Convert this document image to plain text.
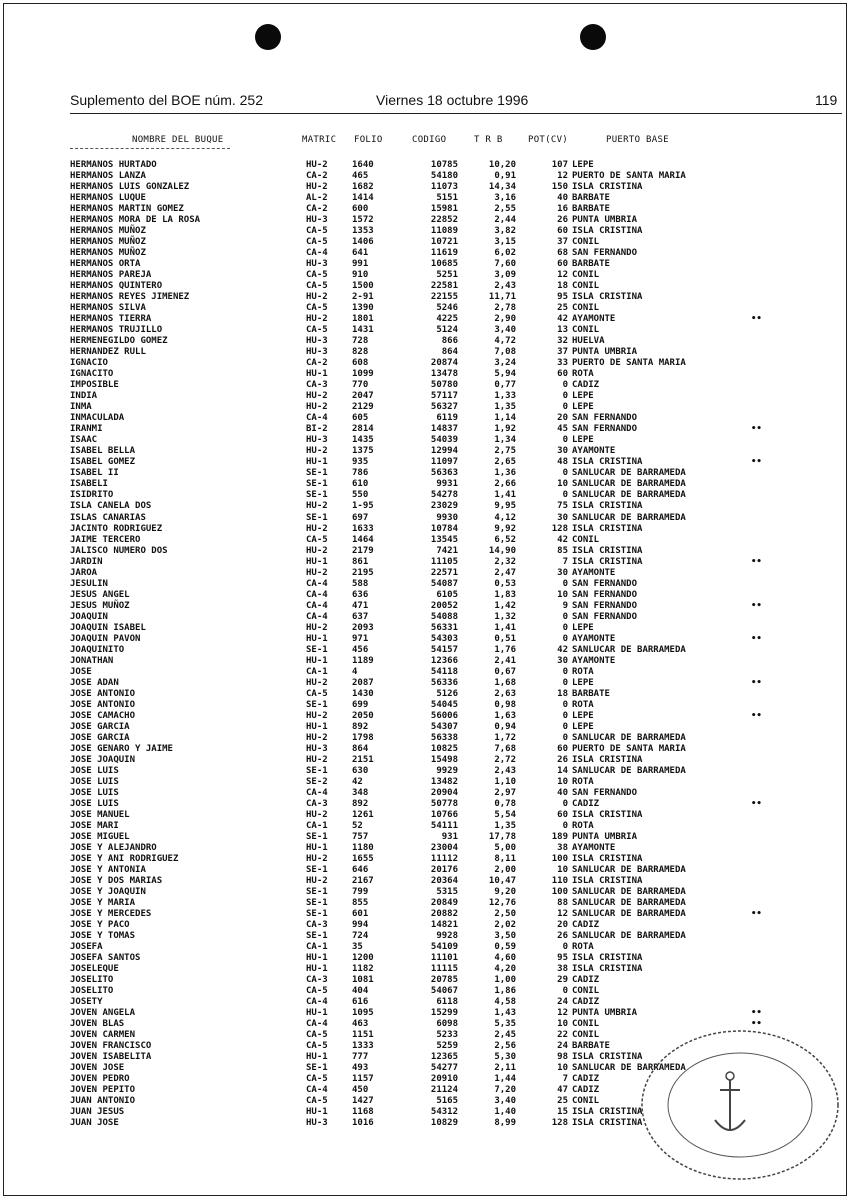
Suplemento del BOE núm. 252	Viernes 18 octubre 1996	119
NOMBRE DEL BUQUE	MATRIC FOLIO	CODIGO	T R B	POT(CV)	PUERTO BASE
HERMANOS HURTADO	HU-2	1640	10785	10,20	107 LEPE
HERMANOS LANZA	CA-2	465	54180	0,91	12 PUERTO DE SANTA MARIA
HERMANOS LUIS GONZALEZ	HU-2	1682	11073	14,34	150 ISLA CRISTINA
HERMANOS LUQUE	AL-2	1414	5151	3,16	40 BARBATE
HERMANOS MARTIN GOMEZ	CA-2	600	15981	2,55	16 BARBATE
HERMANOS MORA DE LA ROSA	HU-3	1572	22852	2,44	26 PUNTA UMBRIA
HERMANOS MUÑOZ	CA-5	1353	11089	3,82	60 ISLA CRISTINA
HERMANOS MUÑOZ	CA-5	1406	10721	3,15	37 CONIL
HERMANOS MUÑOZ	CA-4	641	11619	6,02	68 SAN FERNANDO
HERMANOS ORTA	HU-3	991	10685	7,60	60 BARBATE
HERMANOS PAREJA	CA-5	910	5251	3,09	12 CONIL
HERMANOS QUINTERO	CA-5	1500	22581	2,43	18 CONIL
HERMANOS REYES JIMENEZ	HU-2	2-91	22155	11,71	95 ISLA CRISTINA
HERMANOS SILVA	CA-5	1390	5246	2,78	25 CONIL
HERMANOS TIERRA	HU-2	1801	4225	2,90	42 AYAMONTE	••
HERMANOS TRUJILLO	CA-5	1431	5124	3,40	13 CONIL
HERMENEGILDO GOMEZ	HU-3	728	866	4,72	32 HUELVA
HERNANDEZ RULL	HU-3	828	864	7,08	37 PUNTA UMBRIA
IGNACIO	CA-2	608	20874	3,24	33 PUERTO DE SANTA MARIA
IGNACITO	HU-1	1099	13478	5,94	60 ROTA
IMPOSIBLE	CA-3	770	50780	0,77	0 CADIZ
INDIA	HU-2	2047	57117	1,33	0 LEPE
INMA	HU-2	2129	56327	1,35	0 LEPE
INMACULADA	CA-4	605	6119	1,14	20 SAN FERNANDO
IRANMI	BI-2	2814	14837	1,92	45 SAN FERNANDO	••
ISAAC	HU-3	1435	54039	1,34	0 LEPE
ISABEL BELLA	HU-2	1375	12994	2,75	30 AYAMONTE
ISABEL GOMEZ	HU-1	935	11097	2,65	48 ISLA CRISTINA	••
ISABEL II	SE-1	786	56363	1,36	0 SANLUCAR DE BARRAMEDA
ISABELI	SE-1	610	9931	2,66	10 SANLUCAR DE BARRAMEDA
ISIDRITO	SE-1	550	54278	1,41	0 SANLUCAR DE BARRAMEDA
ISLA CANELA DOS	HU-2	1-95	23029	9,95	75 ISLA CRISTINA
ISLAS CANARIAS	SE-1	697	9930	4,12	30 SANLUCAR DE BARRAMEDA
JACINTO RODRIGUEZ	HU-2	1633	10784	9,92	128 ISLA CRISTINA
JAIME TERCERO	CA-5	1464	13545	6,52	42 CONIL
JALISCO NUMERO DOS	HU-2	2179	7421	14,90	85 ISLA CRISTINA
JARDIN	HU-1	861	11105	2,32	7 ISLA CRISTINA	••
JAROA	HU-2	2195	22571	2,47	30 AYAMONTE
JESULIN	CA-4	588	54087	0,53	0 SAN FERNANDO
JESUS ANGEL	CA-4	636	6105	1,83	10 SAN FERNANDO
JESUS MUÑOZ	CA-4	471	20052	1,42	9 SAN FERNANDO	••
JOAQUIN	CA-4	637	54088	1,32	0 SAN FERNANDO
JOAQUIN ISABEL	HU-2	2093	56331	1,41	0 LEPE
JOAQUIN PAVON	HU-1	971	54303	0,51	0 AYAMONTE	••
JOAQUINITO	SE-1	456	54157	1,76	42 SANLUCAR DE BARRAMEDA
JONATHAN	HU-1	1189	12366	2,41	30 AYAMONTE
JOSE	CA-1	4	54118	0,67	0 ROTA
JOSE ADAN	HU-2	2087	56336	1,68	0 LEPE	••
JOSE ANTONIO	CA-5	1430	5126	2,63	18 BARBATE
JOSE ANTONIO	SE-1	699	54045	0,98	0 ROTA
JOSE CAMACHO	HU-2	2050	56006	1,63	0 LEPE	••
JOSE GARCIA	HU-1	892	54307	0,94	0 LEPE
JOSE GARCIA	HU-2	1798	56338	1,72	0 SANLUCAR DE BARRAMEDA
JOSE GENARO Y JAIME	HU-3	864	10825	7,68	60 PUERTO DE SANTA MARIA
JOSE JOAQUIN	HU-2	2151	15498	2,72	26 ISLA CRISTINA
JOSE LUIS	SE-1	630	9929	2,43	14 SANLUCAR DE BARRAMEDA
JOSE LUIS	SE-2	42	13482	1,10	10 ROTA
JOSE LUIS	CA-4	348	20904	2,97	40 SAN FERNANDO
JOSE LUIS	CA-3	892	50778	0,78	0 CADIZ	••
JOSE MANUEL	HU-2	1261	10766	5,54	60 ISLA CRISTINA
JOSE MARI	CA-1	52	54111	1,35	0 ROTA
JOSE MIGUEL	SE-1	757	931	17,78	189 PUNTA UMBRIA
JOSE Y ALEJANDRO	HU-1	1180	23004	5,00	38 AYAMONTE
JOSE Y ANI RODRIGUEZ	HU-2	1655	11112	8,11	100 ISLA CRISTINA
JOSE Y ANTONIA	SE-1	646	20176	2,00	10 SANLUCAR DE BARRAMEDA
JOSE Y DOS MARIAS	HU-2	2167	20364	10,47	110 ISLA CRISTINA
JOSE Y JOAQUIN	SE-1	799	5315	9,20	100 SANLUCAR DE BARRAMEDA
JOSE Y MARIA	SE-1	855	20849	12,76	88 SANLUCAR DE BARRAMEDA
JOSE Y MERCEDES	SE-1	601	20882	2,50	12 SANLUCAR DE BARRAMEDA	••
JOSE Y PACO	CA-3	994	14821	2,02	20 CADIZ
JOSE Y TOMAS	SE-1	724	9928	3,50	26 SANLUCAR DE BARRAMEDA
JOSEFA	CA-1	35	54109	0,59	0 ROTA
JOSEFA SANTOS	HU-1	1200	11101	4,60	95 ISLA CRISTINA
JOSELEQUE	HU-1	1182	11115	4,20	38 ISLA CRISTINA
JOSELITO	CA-3	1081	20785	1,00	29 CADIZ
JOSELITO	CA-5	404	54067	1,86	0 CONIL
JOSETY	CA-4	616	6118	4,58	24 CADIZ
JOVEN ANGELA	HU-1	1095	15299	1,43	12 PUNTA UMBRIA	••
JOVEN BLAS	CA-4	463	6098	5,35	10 CONIL	••
JOVEN CARMEN	CA-5	1151	5233	2,45	22 CONIL
JOVEN FRANCISCO	CA-5	1333	5259	2,56	24 BARBATE
JOVEN ISABELITA	HU-1	777	12365	5,30	98 ISLA CRISTINA
JOVEN JOSE	SE-1	493	54277	2,11	10 SANLUCAR DE BARRAMEDA
JOVEN PEDRO	CA-5	1157	20910	1,44	7 CADIZ
JOVEN PEPITO	CA-4	450	21124	7,20	47 CADIZ
JUAN ANTONIO	CA-5	1427	5165	3,40	25 CONIL
JUAN JESUS	HU-1	1168	54312	1,40	15 ISLA CRISTINA
JUAN JOSE	HU-3	1016	10829	8,99	128 ISLA CRISTINA
